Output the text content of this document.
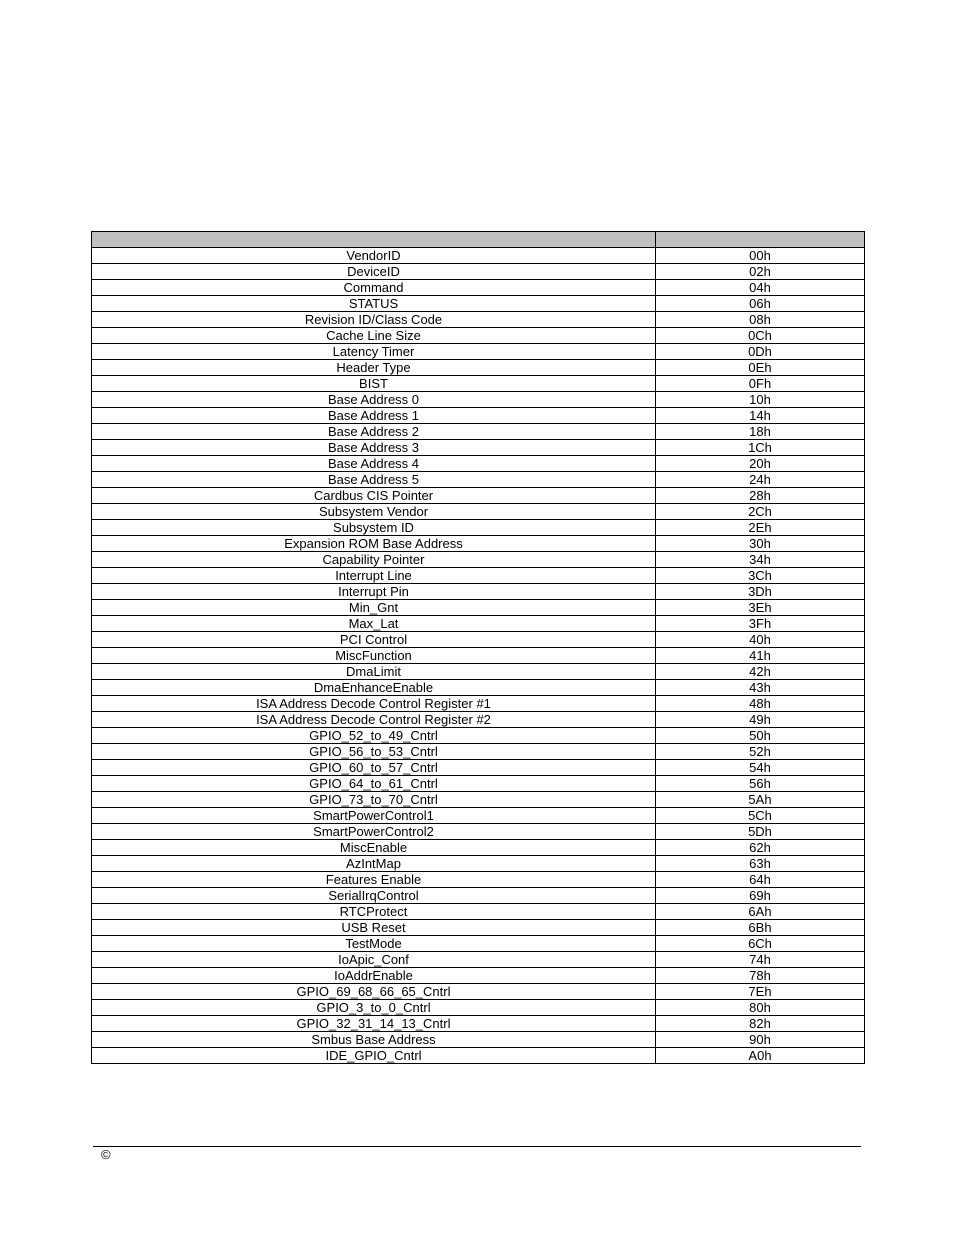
VendorID	00h
DeviceID	02h
Command	04h
STATUS	06h
Revision ID/Class Code	08h
Cache Line Size	0Ch
Latency Timer	0Dh
Header Type	0Eh
BIST	0Fh
Base Address 0	10h
Base Address 1	14h
Base Address 2	18h
Base Address 3	1Ch
Base Address 4	20h
Base Address 5	24h
Cardbus CIS Pointer	28h
Subsystem Vendor	2Ch
Subsystem ID	2Eh
Expansion ROM Base Address	30h
Capability Pointer	34h
Interrupt Line	3Ch
Interrupt Pin	3Dh
Min_Gnt	3Eh
Max_Lat	3Fh
PCI Control	40h
MiscFunction	41h
DmaLimit	42h
DmaEnhanceEnable	43h
ISA Address Decode Control Register #1	48h
ISA Address Decode Control Register #2	49h
GPIO_52_to_49_Cntrl	50h
GPIO_56_to_53_Cntrl	52h
GPIO_60_to_57_Cntrl	54h
GPIO_64_to_61_Cntrl	56h
GPIO_73_to_70_Cntrl	5Ah
SmartPowerControl1	5Ch
SmartPowerControl2	5Dh
MiscEnable	62h
AzIntMap	63h
Features Enable	64h
SerialIrqControl	69h
RTCProtect	6Ah
USB Reset	6Bh
TestMode	6Ch
IoApic_Conf	74h
IoAddrEnable	78h
GPIO_69_68_66_65_Cntrl	7Eh
GPIO_3_to_0_Cntrl	80h
GPIO_32_31_14_13_Cntrl	82h
Smbus Base Address	90h
IDE_GPIO_Cntrl	A0h
©
